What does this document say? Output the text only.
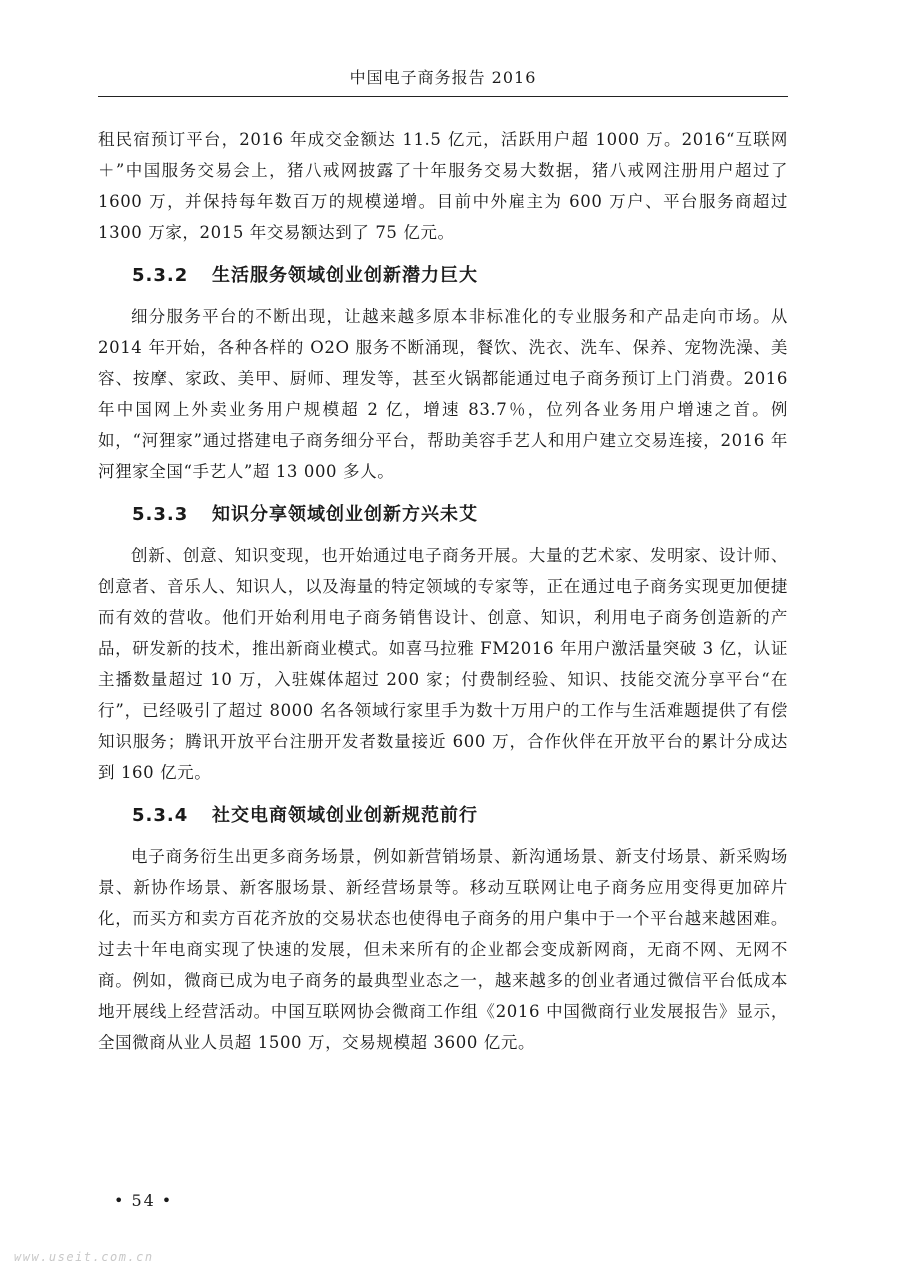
中国电子商务报告 2016

租民宿预订平台，2016 年成交金额达 11.5 亿元，活跃用户超 1000 万。2016“互联网＋”中国服务交易会上，猪八戒网披露了十年服务交易大数据，猪八戒网注册用户超过了 1600 万，并保持每年数百万的规模递增。目前中外雇主为 600 万户、平台服务商超过 1300 万家，2015 年交易额达到了 75 亿元。

5.3.2 生活服务领域创业创新潜力巨大

细分服务平台的不断出现，让越来越多原本非标准化的专业服务和产品走向市场。从 2014 年开始，各种各样的 O2O 服务不断涌现，餐饮、洗衣、洗车、保养、宠物洗澡、美容、按摩、家政、美甲、厨师、理发等，甚至火锅都能通过电子商务预订上门消费。2016 年中国网上外卖业务用户规模超 2 亿，增速 83.7％，位列各业务用户增速之首。例如，“河狸家”通过搭建电子商务细分平台，帮助美容手艺人和用户建立交易连接，2016 年河狸家全国“手艺人”超 13 000 多人。

5.3.3 知识分享领域创业创新方兴未艾

创新、创意、知识变现，也开始通过电子商务开展。大量的艺术家、发明家、设计师、创意者、音乐人、知识人，以及海量的特定领域的专家等，正在通过电子商务实现更加便捷而有效的营收。他们开始利用电子商务销售设计、创意、知识，利用电子商务创造新的产品，研发新的技术，推出新商业模式。如喜马拉雅 FM2016 年用户激活量突破 3 亿，认证主播数量超过 10 万，入驻媒体超过 200 家；付费制经验、知识、技能交流分享平台“在行”，已经吸引了超过 8000 名各领域行家里手为数十万用户的工作与生活难题提供了有偿知识服务；腾讯开放平台注册开发者数量接近 600 万，合作伙伴在开放平台的累计分成达到 160 亿元。

5.3.4 社交电商领域创业创新规范前行

电子商务衍生出更多商务场景，例如新营销场景、新沟通场景、新支付场景、新采购场景、新协作场景、新客服场景、新经营场景等。移动互联网让电子商务应用变得更加碎片化，而买方和卖方百花齐放的交易状态也使得电子商务的用户集中于一个平台越来越困难。过去十年电商实现了快速的发展，但未来所有的企业都会变成新网商，无商不网、无网不商。例如，微商已成为电子商务的最典型业态之一，越来越多的创业者通过微信平台低成本地开展线上经营活动。中国互联网协会微商工作组《2016 中国微商行业发展报告》显示，全国微商从业人员超 1500 万，交易规模超 3600 亿元。

• 54 •
www.useit.com.cn
